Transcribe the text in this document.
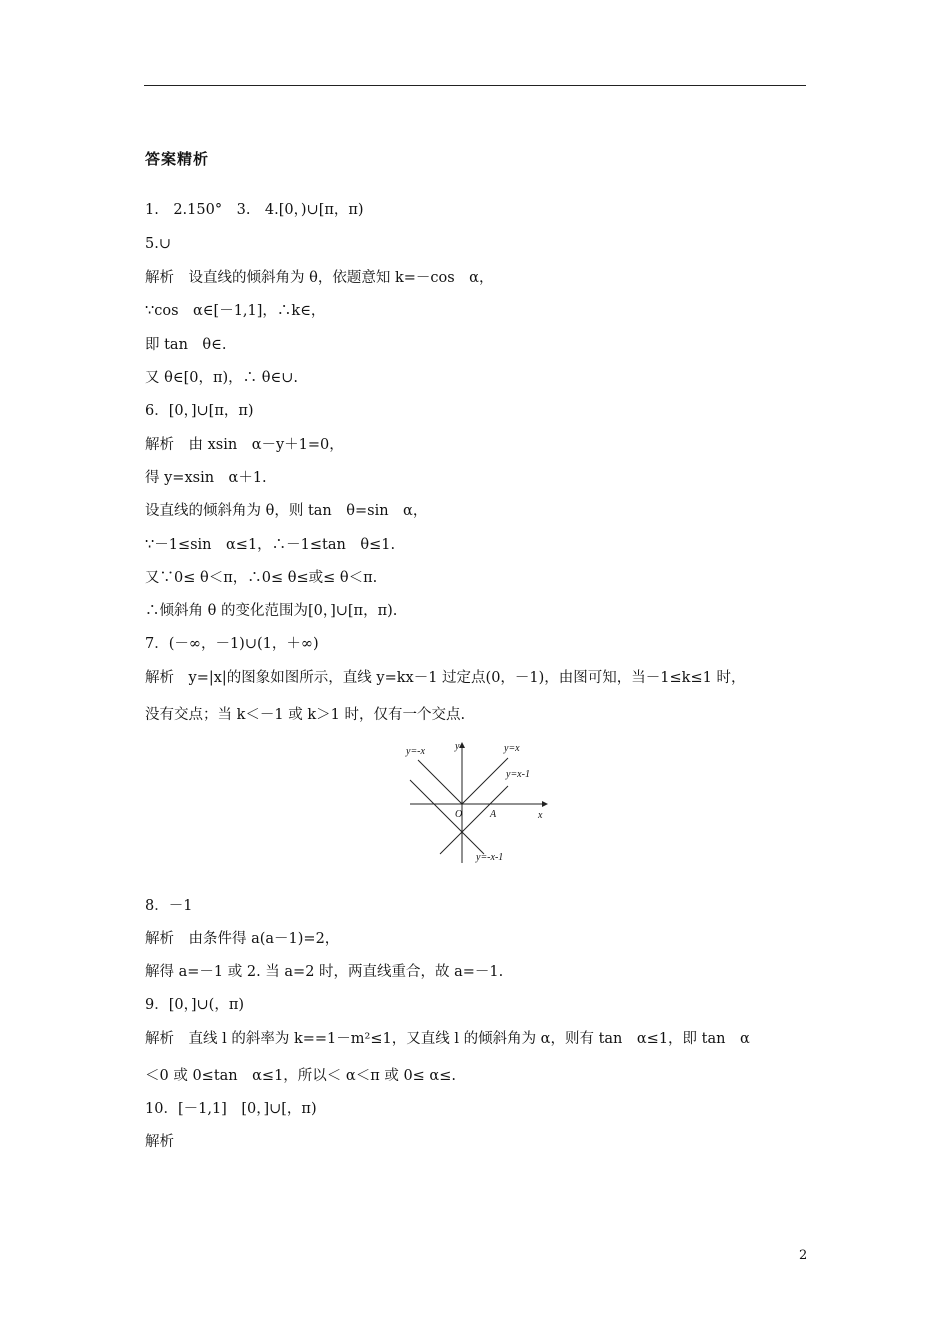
答案精析
1.　2.150°　3.　4.[0，)∪[π，π)
5.∪
解析　设直线的倾斜角为 θ，依题意知 k=－cos　α，
∵cos　α∈[－1,1]，∴k∈，
即 tan　θ∈.
又 θ∈[0，π)，∴ θ∈∪.
6．[0，]∪[π，π)
解析　由 xsin　α－y＋1=0，
得 y=xsin　α＋1.
设直线的倾斜角为 θ，则 tan　θ=sin　α，
∵－1≤sin　α≤1，∴－1≤tan　θ≤1.
又∵0≤ θ＜π，∴0≤ θ≤或≤ θ＜π.
∴倾斜角 θ 的变化范围为[0，]∪[π，π).
7．(－∞，－1)∪(1，＋∞)
解析　y=|x|的图象如图所示，直线 y=kx－1 过定点(0，－1)，由图可知，当－1≤k≤1 时，
没有交点；当 k＜－1 或 k＞1 时，仅有一个交点.
y=-x	y	y=x
y=x-1
O	A	x
y=-x-1
8．－1
解析　由条件得 a(a－1)=2，
解得 a=－1 或 2. 当 a=2 时，两直线重合，故 a=－1.
9．[0，]∪(，π)
解析　直线 l 的斜率为 k==1－m²≤1，又直线 l 的倾斜角为 α，则有 tan　α≤1，即 tan　α
＜0 或 0≤tan　α≤1，所以＜ α＜π 或 0≤ α≤.
10．[－1,1]　[0，]∪[，π)
解析
2
